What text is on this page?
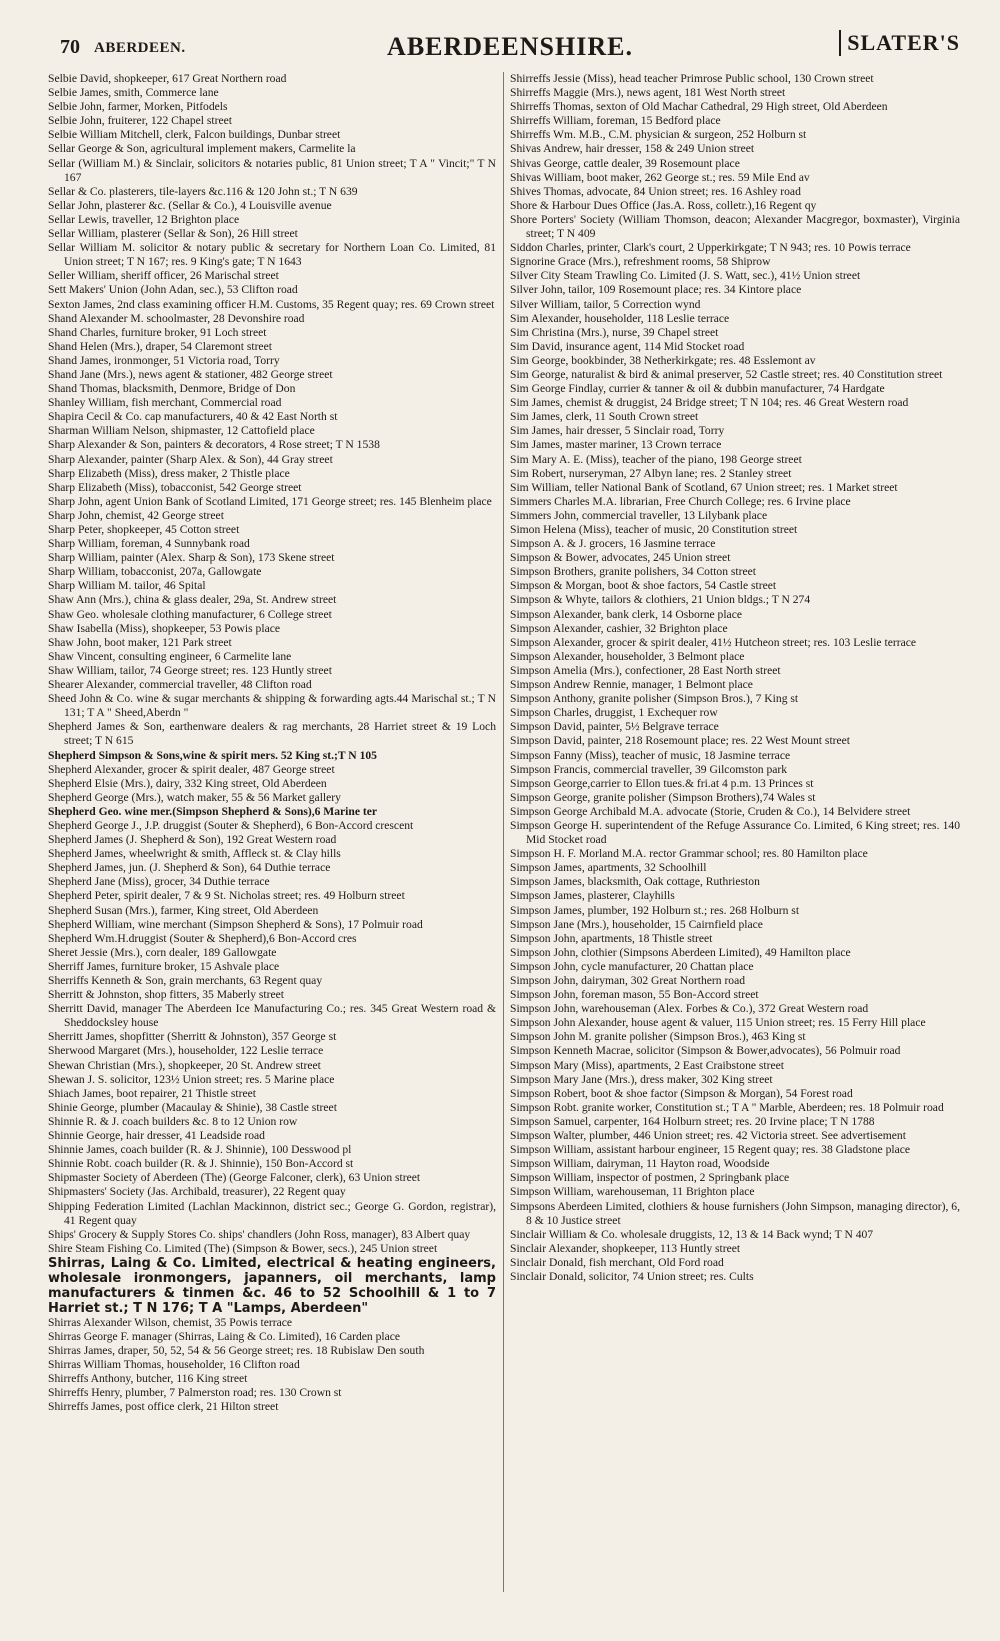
70 ABERDEEN.	ABERDEENSHIRE.	SLATER'S
Selbie David, shopkeeper, 617 Great Northern road
Selbie James, smith, Commerce lane
Selbie John, farmer, Morken, Pitfodels
Selbie John, fruiterer, 122 Chapel street
Selbie William Mitchell, clerk, Falcon buildings, Dunbar street
Sellar George & Son, agricultural implement makers, Carmelite la
Sellar (William M.) & Sinclair, solicitors & notaries public, 81 Union street; T A " Vincit;" T N 167
Sellar & Co. plasterers, tile-layers &c.116 & 120 John st.; T N 639
Sellar John, plasterer &c. (Sellar & Co.), 4 Louisville avenue
Sellar Lewis, traveller, 12 Brighton place
Sellar William, plasterer (Sellar & Son), 26 Hill street
Sellar William M. solicitor & notary public & secretary for Northern Loan Co. Limited, 81 Union street; T N 167; res. 9 King's gate; T N 1643
Seller William, sheriff officer, 26 Marischal street
Sett Makers' Union (John Adan, sec.), 53 Clifton road
Sexton James, 2nd class examining officer H.M. Customs, 35 Regent quay; res. 69 Crown street
Shand Alexander M. schoolmaster, 28 Devonshire road
Shand Charles, furniture broker, 91 Loch street
Shand Helen (Mrs.), draper, 54 Claremont street
Shand James, ironmonger, 51 Victoria road, Torry
Shand Jane (Mrs.), news agent & stationer, 482 George street
Shand Thomas, blacksmith, Denmore, Bridge of Don
Shanley William, fish merchant, Commercial road
Shapira Cecil & Co. cap manufacturers, 40 & 42 East North st
Sharman William Nelson, shipmaster, 12 Cattofield place
Sharp Alexander & Son, painters & decorators, 4 Rose street; T N 1538
Sharp Alexander, painter (Sharp Alex. & Son), 44 Gray street
Sharp Elizabeth (Miss), dress maker, 2 Thistle place
Sharp Elizabeth (Miss), tobacconist, 542 George street
Sharp John, agent Union Bank of Scotland Limited, 171 George street; res. 145 Blenheim place
Sharp John, chemist, 42 George street
Sharp Peter, shopkeeper, 45 Cotton street
Sharp William, foreman, 4 Sunnybank road
Sharp William, painter (Alex. Sharp & Son), 173 Skene street
Sharp William, tobacconist, 207a, Gallowgate
Sharp William M. tailor, 46 Spital
Shaw Ann (Mrs.), china & glass dealer, 29a, St. Andrew street
Shaw Geo. wholesale clothing manufacturer, 6 College street
Shaw Isabella (Miss), shopkeeper, 53 Powis place
Shaw John, boot maker, 121 Park street
Shaw Vincent, consulting engineer, 6 Carmelite lane
Shaw William, tailor, 74 George street; res. 123 Huntly street
Shearer Alexander, commercial traveller, 48 Clifton road
Sheed John & Co. wine & sugar merchants & shipping & forwarding agts.44 Marischal st.; T N 131; T A " Sheed,Aberdn "
Shepherd James & Son, earthenware dealers & rag merchants, 28 Harriet street & 19 Loch street; T N 615
Shepherd Simpson & Sons,wine & spirit mers. 52 King st.;T N 105
Shepherd Alexander, grocer & spirit dealer, 487 George street
Shepherd Elsie (Mrs.), dairy, 332 King street, Old Aberdeen
Shepherd George (Mrs.), watch maker, 55 & 56 Market gallery
Shepherd Geo. wine mer.(Simpson Shepherd & Sons),6 Marine ter
Shepherd George J., J.P. druggist (Souter & Shepherd), 6 Bon-Accord crescent
Shepherd James (J. Shepherd & Son), 192 Great Western road
Shepherd James, wheelwright & smith, Affleck st. & Clay hills
Shepherd James, jun. (J. Shepherd & Son), 64 Duthie terrace
Shepherd Jane (Miss), grocer, 34 Duthie terrace
Shepherd Peter, spirit dealer, 7 & 9 St. Nicholas street; res. 49 Holburn street
Shepherd Susan (Mrs.), farmer, King street, Old Aberdeen
Shepherd William, wine merchant (Simpson Shepherd & Sons), 17 Polmuir road
Shepherd Wm.H.druggist (Souter & Shepherd),6 Bon-Accord cres
Sheret Jessie (Mrs.), corn dealer, 189 Gallowgate
Sherriff James, furniture broker, 15 Ashvale place
Sherriffs Kenneth & Son, grain merchants, 63 Regent quay
Sherritt & Johnston, shop fitters, 35 Maberly street
Sherritt David, manager The Aberdeen Ice Manufacturing Co.; res. 345 Great Western road & Sheddocksley house
Sherritt James, shopfitter (Sherritt & Johnston), 357 George st
Sherwood Margaret (Mrs.), householder, 122 Leslie terrace
Shewan Christian (Mrs.), shopkeeper, 20 St. Andrew street
Shewan J. S. solicitor, 123½ Union street; res. 5 Marine place
Shiach James, boot repairer, 21 Thistle street
Shinie George, plumber (Macaulay & Shinie), 38 Castle street
Shinnie R. & J. coach builders &c. 8 to 12 Union row
Shinnie George, hair dresser, 41 Leadside road
Shinnie James, coach builder (R. & J. Shinnie), 100 Desswood pl
Shinnie Robt. coach builder (R. & J. Shinnie), 150 Bon-Accord st
Shipmaster Society of Aberdeen (The) (George Falconer, clerk), 63 Union street
Shipmasters' Society (Jas. Archibald, treasurer), 22 Regent quay
Shipping Federation Limited (Lachlan Mackinnon, district sec.; George G. Gordon, registrar), 41 Regent quay
Ships' Grocery & Supply Stores Co. ships' chandlers (John Ross, manager), 83 Albert quay
Shire Steam Fishing Co. Limited (The) (Simpson & Bower, secs.), 245 Union street
Shirras, Laing & Co. Limited, electrical & heating engineers, wholesale ironmongers, japanners, oil merchants, lamp manufacturers & tinmen &c. 46 to 52 Schoolhill & 1 to 7 Harriet st.; T N 176; T A "Lamps, Aberdeen"
Shirras Alexander Wilson, chemist, 35 Powis terrace
Shirras George F. manager (Shirras, Laing & Co. Limited), 16 Carden place
Shirras James, draper, 50, 52, 54 & 56 George street; res. 18 Rubislaw Den south
Shirras William Thomas, householder, 16 Clifton road
Shirreffs Anthony, butcher, 116 King street
Shirreffs Henry, plumber, 7 Palmerston road; res. 130 Crown st
Shirreffs James, post office clerk, 21 Hilton street
Shirreffs Jessie (Miss), head teacher Primrose Public school, 130 Crown street
Shirreffs Maggie (Mrs.), news agent, 181 West North street
Shirreffs Thomas, sexton of Old Machar Cathedral, 29 High street, Old Aberdeen
Shirreffs William, foreman, 15 Bedford place
Shirreffs Wm. M.B., C.M. physician & surgeon, 252 Holburn st
Shivas Andrew, hair dresser, 158 & 249 Union street
Shivas George, cattle dealer, 39 Rosemount place
Shivas William, boot maker, 262 George st.; res. 59 Mile End av
Shives Thomas, advocate, 84 Union street; res. 16 Ashley road
Shore & Harbour Dues Office (Jas.A. Ross, colletr.),16 Regent qy
Shore Porters' Society (William Thomson, deacon; Alexander Macgregor, boxmaster), Virginia street; T N 409
Siddon Charles, printer, Clark's court, 2 Upperkirkgate; T N 943; res. 10 Powis terrace
Signorine Grace (Mrs.), refreshment rooms, 58 Shiprow
Silver City Steam Trawling Co. Limited (J. S. Watt, sec.), 41½ Union street
Silver John, tailor, 109 Rosemount place; res. 34 Kintore place
Silver William, tailor, 5 Correction wynd
Sim Alexander, householder, 118 Leslie terrace
Sim Christina (Mrs.), nurse, 39 Chapel street
Sim David, insurance agent, 114 Mid Stocket road
Sim George, bookbinder, 38 Netherkirkgate; res. 48 Esslemont av
Sim George, naturalist & bird & animal preserver, 52 Castle street; res. 40 Constitution street
Sim George Findlay, currier & tanner & oil & dubbin manufacturer, 74 Hardgate
Sim James, chemist & druggist, 24 Bridge street; T N 104; res. 46 Great Western road
Sim James, clerk, 11 South Crown street
Sim James, hair dresser, 5 Sinclair road, Torry
Sim James, master mariner, 13 Crown terrace
Sim Mary A. E. (Miss), teacher of the piano, 198 George street
Sim Robert, nurseryman, 27 Albyn lane; res. 2 Stanley street
Sim William, teller National Bank of Scotland, 67 Union street; res. 1 Market street
Simmers Charles M.A. librarian, Free Church College; res. 6 Irvine place
Simmers John, commercial traveller, 13 Lilybank place
Simon Helena (Miss), teacher of music, 20 Constitution street
Simpson A. & J. grocers, 16 Jasmine terrace
Simpson & Bower, advocates, 245 Union street
Simpson Brothers, granite polishers, 34 Cotton street
Simpson & Morgan, boot & shoe factors, 54 Castle street
Simpson & Whyte, tailors & clothiers, 21 Union bldgs.; T N 274
Simpson Alexander, bank clerk, 14 Osborne place
Simpson Alexander, cashier, 32 Brighton place
Simpson Alexander, grocer & spirit dealer, 41½ Hutcheon street; res. 103 Leslie terrace
Simpson Alexander, householder, 3 Belmont place
Simpson Amelia (Mrs.), confectioner, 28 East North street
Simpson Andrew Rennie, manager, 1 Belmont place
Simpson Anthony, granite polisher (Simpson Bros.), 7 King st
Simpson Charles, druggist, 1 Exchequer row
Simpson David, painter, 5½ Belgrave terrace
Simpson David, painter, 218 Rosemount place; res. 22 West Mount street
Simpson Fanny (Miss), teacher of music, 18 Jasmine terrace
Simpson Francis, commercial traveller, 39 Gilcomston park
Simpson George,carrier to Ellon tues.& fri.at 4 p.m. 13 Princes st
Simpson George, granite polisher (Simpson Brothers),74 Wales st
Simpson George Archibald M.A. advocate (Storie, Cruden & Co.), 14 Belvidere street
Simpson George H. superintendent of the Refuge Assurance Co. Limited, 6 King street; res. 140 Mid Stocket road
Simpson H. F. Morland M.A. rector Grammar school; res. 80 Hamilton place
Simpson James, apartments, 32 Schoolhill
Simpson James, blacksmith, Oak cottage, Ruthrieston
Simpson James, plasterer, Clayhills
Simpson James, plumber, 192 Holburn st.; res. 268 Holburn st
Simpson Jane (Mrs.), householder, 15 Cairnfield place
Simpson John, apartments, 18 Thistle street
Simpson John, clothier (Simpsons Aberdeen Limited), 49 Hamilton place
Simpson John, cycle manufacturer, 20 Chattan place
Simpson John, dairyman, 302 Great Northern road
Simpson John, foreman mason, 55 Bon-Accord street
Simpson John, warehouseman (Alex. Forbes & Co.), 372 Great Western road
Simpson John Alexander, house agent & valuer, 115 Union street; res. 15 Ferry Hill place
Simpson John M. granite polisher (Simpson Bros.), 463 King st
Simpson Kenneth Macrae, solicitor (Simpson & Bower,advocates), 56 Polmuir road
Simpson Mary (Miss), apartments, 2 East Craibstone street
Simpson Mary Jane (Mrs.), dress maker, 302 King street
Simpson Robert, boot & shoe factor (Simpson & Morgan), 54 Forest road
Simpson Robt. granite worker, Constitution st.; T A " Marble, Aberdeen; res. 18 Polmuir road
Simpson Samuel, carpenter, 164 Holburn street; res. 20 Irvine place; T N 1788
Simpson Walter, plumber, 446 Union street; res. 42 Victoria street. See advertisement
Simpson William, assistant harbour engineer, 15 Regent quay; res. 38 Gladstone place
Simpson William, dairyman, 11 Hayton road, Woodside
Simpson William, inspector of postmen, 2 Springbank place
Simpson William, warehouseman, 11 Brighton place
Simpsons Aberdeen Limited, clothiers & house furnishers (John Simpson, managing director), 6, 8 & 10 Justice street
Sinclair William & Co. wholesale druggists, 12, 13 & 14 Back wynd; T N 407
Sinclair Alexander, shopkeeper, 113 Huntly street
Sinclair Donald, fish merchant, Old Ford road
Sinclair Donald, solicitor, 74 Union street; res. Cults
